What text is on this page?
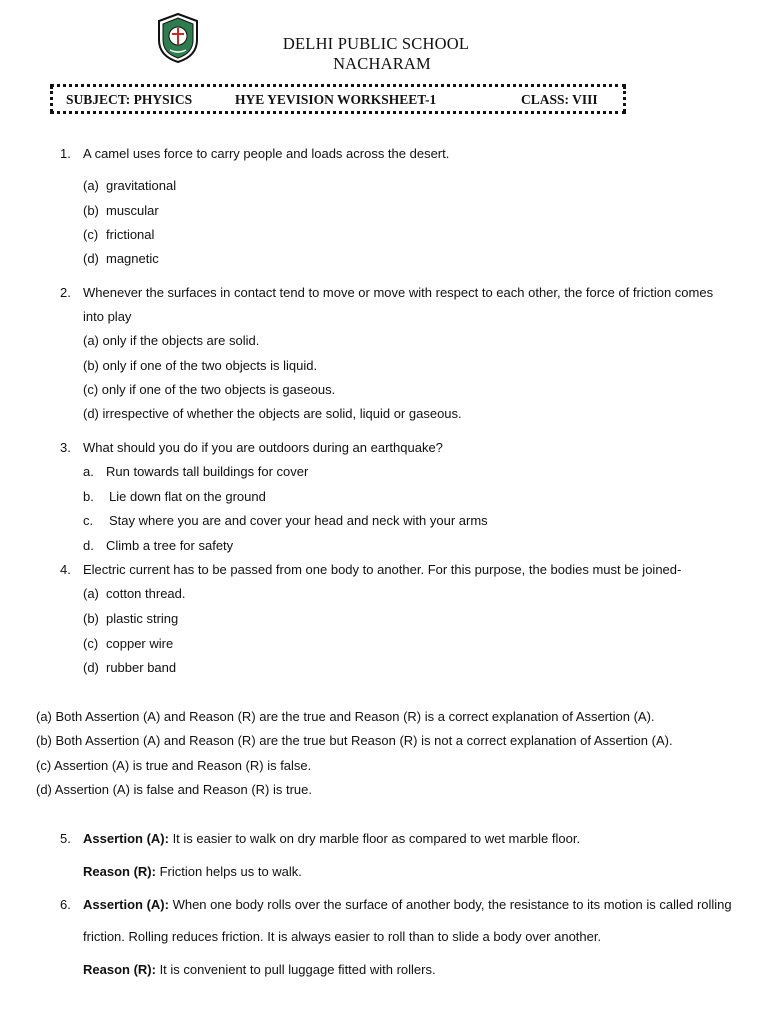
DELHI PUBLIC SCHOOL
NACHARAM
SUBJECT: PHYSICS	HYE YEVISION WORKSHEET-1	CLASS: VIII
1. A camel uses force to carry people and loads across the desert.
(a) gravitational
(b) muscular
(c) frictional
(d) magnetic
2. Whenever the surfaces in contact tend to move or move with respect to each other, the force of friction comes
into play
(a) only if the objects are solid.
(b) only if one of the two objects is liquid.
(c) only if one of the two objects is gaseous.
(d) irrespective of whether the objects are solid, liquid or gaseous.
3. What should you do if you are outdoors during an earthquake?
a. Run towards tall buildings for cover
b. Lie down flat on the ground
c. Stay where you are and cover your head and neck with your arms
d. Climb a tree for safety
4. Electric current has to be passed from one body to another. For this purpose, the bodies must be joined-
(a) cotton thread.
(b) plastic string
(c) copper wire
(d) rubber band
(a) Both Assertion (A) and Reason (R) are the true and Reason (R) is a correct explanation of Assertion (A).
(b) Both Assertion (A) and Reason (R) are the true but Reason (R) is not a correct explanation of Assertion (A).
(c) Assertion (A) is true and Reason (R) is false.
(d) Assertion (A) is false and Reason (R) is true.
5. Assertion (A): It is easier to walk on dry marble floor as compared to wet marble floor.
Reason (R): Friction helps us to walk.
6. Assertion (A): When one body rolls over the surface of another body, the resistance to its motion is called rolling
friction. Rolling reduces friction. It is always easier to roll than to slide a body over another.
Reason (R): It is convenient to pull luggage fitted with rollers.
